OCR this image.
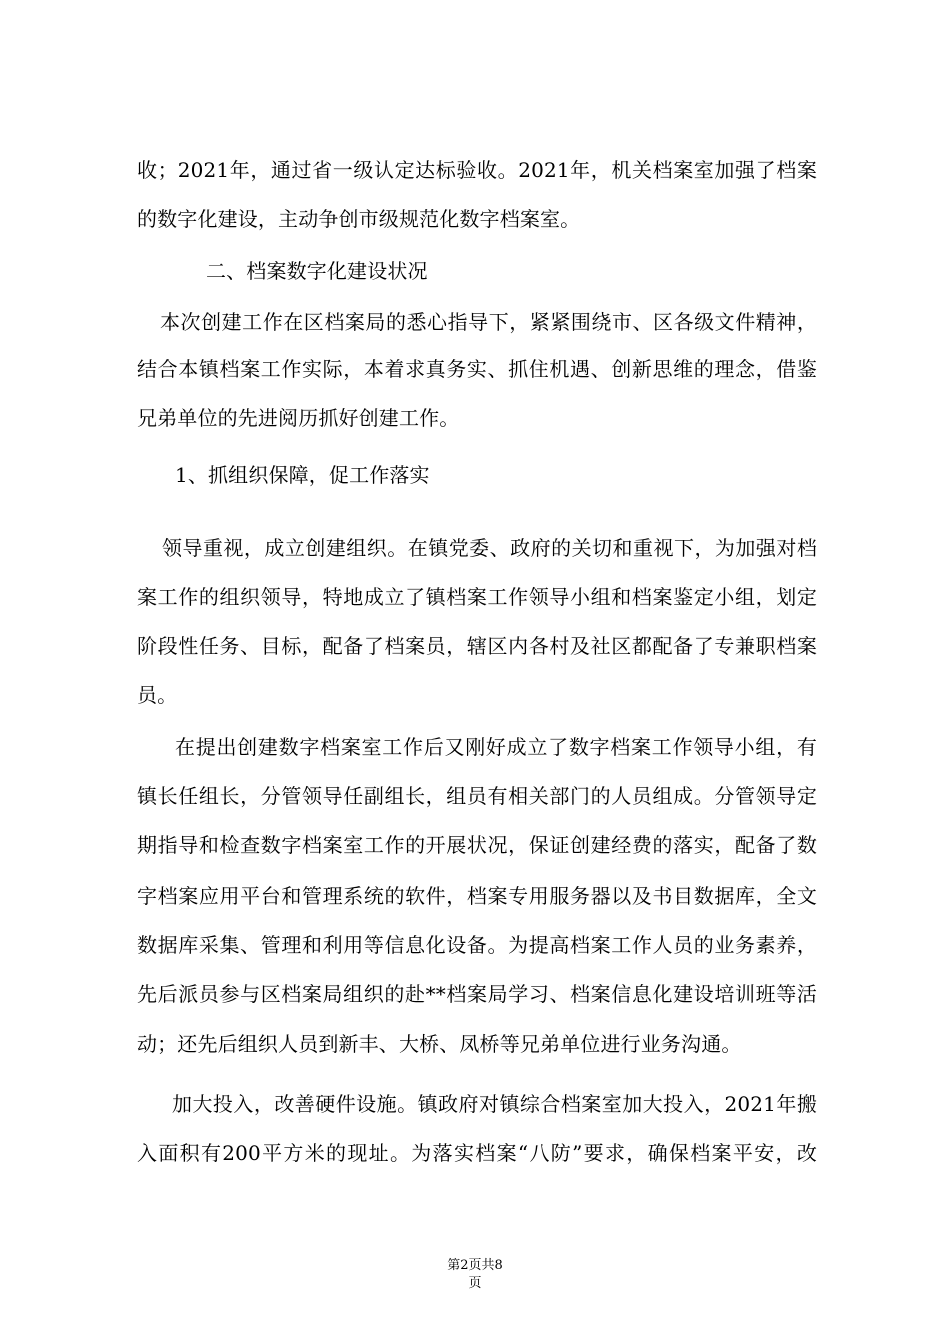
收；2021年，通过省一级认定达标验收。2021年，机关档案室加强了档案
的数字化建设，主动争创市级规范化数字档案室。
二、档案数字化建设状况
本次创建工作在区档案局的悉心指导下，紧紧围绕市、区各级文件精神，
结合本镇档案工作实际，本着求真务实、抓住机遇、创新思维的理念，借鉴
兄弟单位的先进阅历抓好创建工作。
1、抓组织保障，促工作落实
领导重视，成立创建组织。在镇党委、政府的关切和重视下，为加强对档
案工作的组织领导，特地成立了镇档案工作领导小组和档案鉴定小组，划定
阶段性任务、目标，配备了档案员，辖区内各村及社区都配备了专兼职档案
员。
在提出创建数字档案室工作后又刚好成立了数字档案工作领导小组，有
镇长任组长，分管领导任副组长，组员有相关部门的人员组成。分管领导定
期指导和检查数字档案室工作的开展状况，保证创建经费的落实，配备了数
字档案应用平台和管理系统的软件，档案专用服务器以及书目数据库，全文
数据库采集、管理和利用等信息化设备。为提高档案工作人员的业务素养，
先后派员参与区档案局组织的赴**档案局学习、档案信息化建设培训班等活
动；还先后组织人员到新丰、大桥、凤桥等兄弟单位进行业务沟通。
加大投入，改善硬件设施。镇政府对镇综合档案室加大投入，2021年搬
入面积有200平方米的现址。为落实档案“八防”要求，确保档案平安，改
第2页共8
页
